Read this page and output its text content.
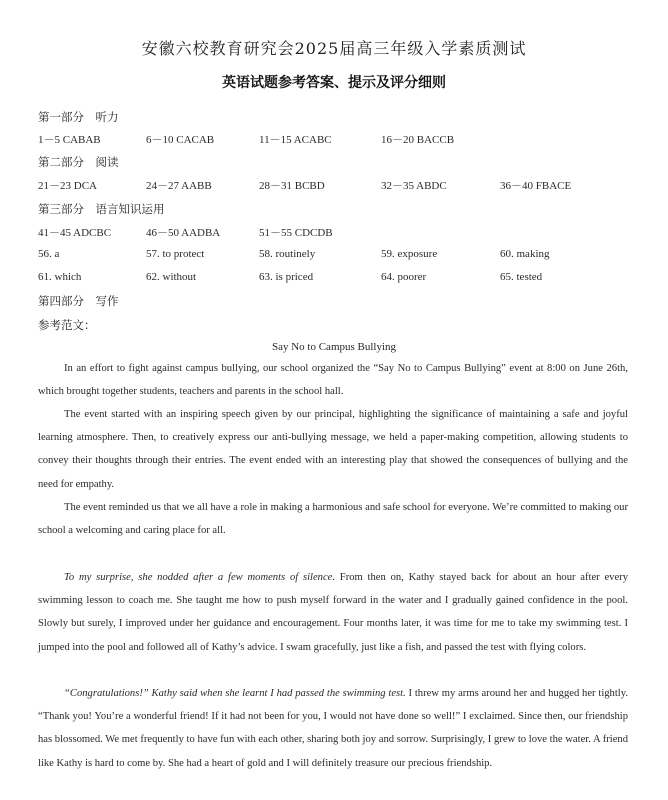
安徽六校教育研究会2025届高三年级入学素质测试
英语试题参考答案、提示及评分细则
第一部分　听力
1－5 CABAB	6－10 CACAB	11－15 ACABC	16－20 BACCB
第二部分　阅读
21－23 DCA	24－27 AABB	28－31 BCBD	32－35 ABDC	36－40 FBACE
第三部分　语言知识运用
41－45 ADCBC	46－50 AADBA	51－55 CDCDB
56. a	57. to protect	58. routinely	59. exposure	60. making
61. which	62. without	63. is priced	64. poorer	65. tested
第四部分　写作
参考范文：
Say No to Campus Bullying

In an effort to fight against campus bullying, our school organized the “Say No to Campus Bullying” event at 8:00 on June 26th, which brought together students, teachers and parents in the school hall.

The event started with an inspiring speech given by our principal, highlighting the significance of maintaining a safe and joyful learning atmosphere. Then, to creatively express our anti-bullying message, we held a paper-making competition, allowing students to convey their thoughts through their entries. The event ended with an interesting play that showed the consequences of bullying and the need for empathy.

The event reminded us that we all have a role in making a harmonious and safe school for everyone. We’re committed to making our school a welcoming and caring place for all.

To my surprise, she nodded after a few moments of silence. From then on, Kathy stayed back for about an hour after every swimming lesson to coach me. She taught me how to push myself forward in the water and I gradually gained confidence in the pool. Slowly but surely, I improved under her guidance and encouragement. Four months later, it was time for me to take my swimming test. I jumped into the pool and followed all of Kathy’s advice. I swam gracefully, just like a fish, and passed the test with flying colors.

“Congratulations!” Kathy said when she learnt I had passed the swimming test. I threw my arms around her and hugged her tightly. “Thank you! You’re a wonderful friend! If it had not been for you, I would not have done so well!” I exclaimed. Since then, our friendship has blossomed. We met frequently to have fun with each other, sharing both joy and sorrow. Surprisingly, I grew to love the water. A friend like Kathy is hard to come by. She had a heart of gold and I will definitely treasure our precious friendship.
